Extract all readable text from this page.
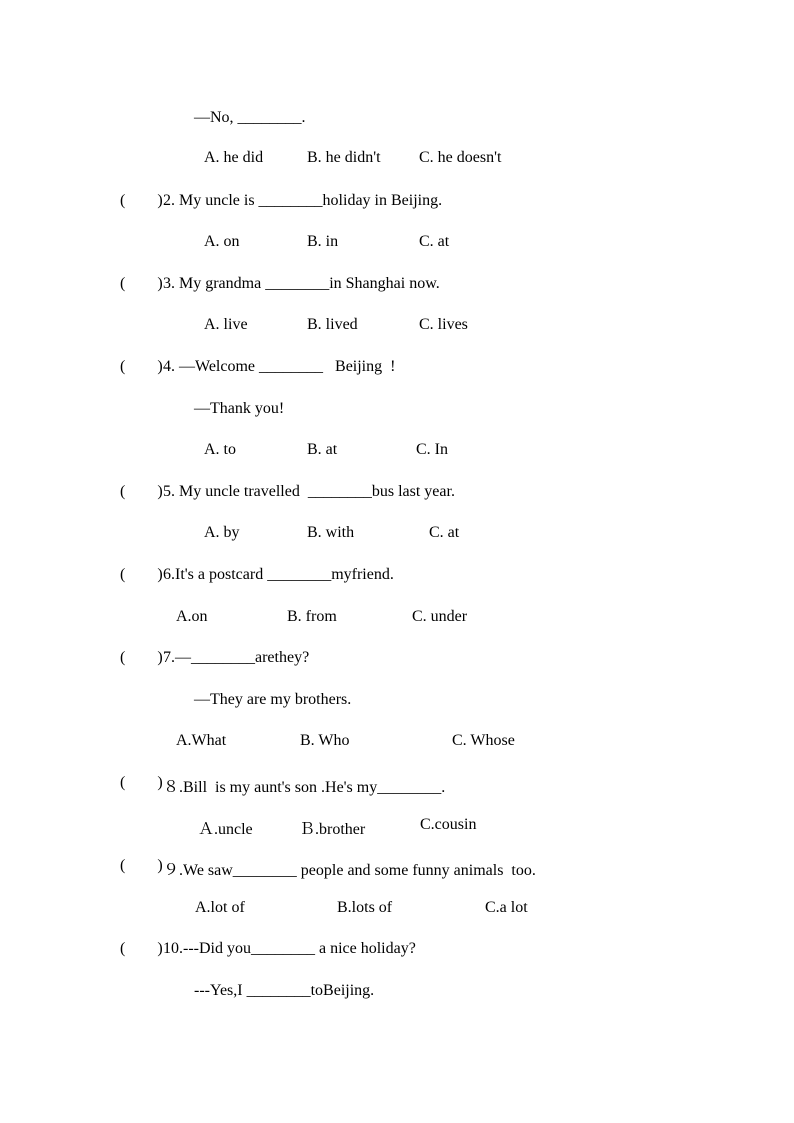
—No, ________.
A. he did	B. he didn't C. he doesn't
(        ) 2. My uncle is ________holiday in Beijing.
A. on	B. in	C. at
(        ) 3. My grandma ________in Shanghai now.
A. live	B. lived	C. lives
(        ) 4. —Welcome ________   Beijing  !
—Thank you!
A. to	B. at	C. In
(        ) 5. My uncle travelled  ________bus last year.
A. by	B. with	C. at
(        ) 6.It's a postcard ________myfriend.
A.on	B. from	C. under
(        ) 7.—________arethey?
—They are my brothers.
A.What	B. Who	C. Whose
(        ) ８.Bill  is my aunt's son .He's my________.
Ａ.uncle	Ｂ.brother	C.cousin
(        ) ９.We saw________ people and some funny animals  too.
A.lot of	B.lots of	C.a lot
(        ) 10.---Did you________ a nice holiday?
---Yes,I ________toBeijing.
